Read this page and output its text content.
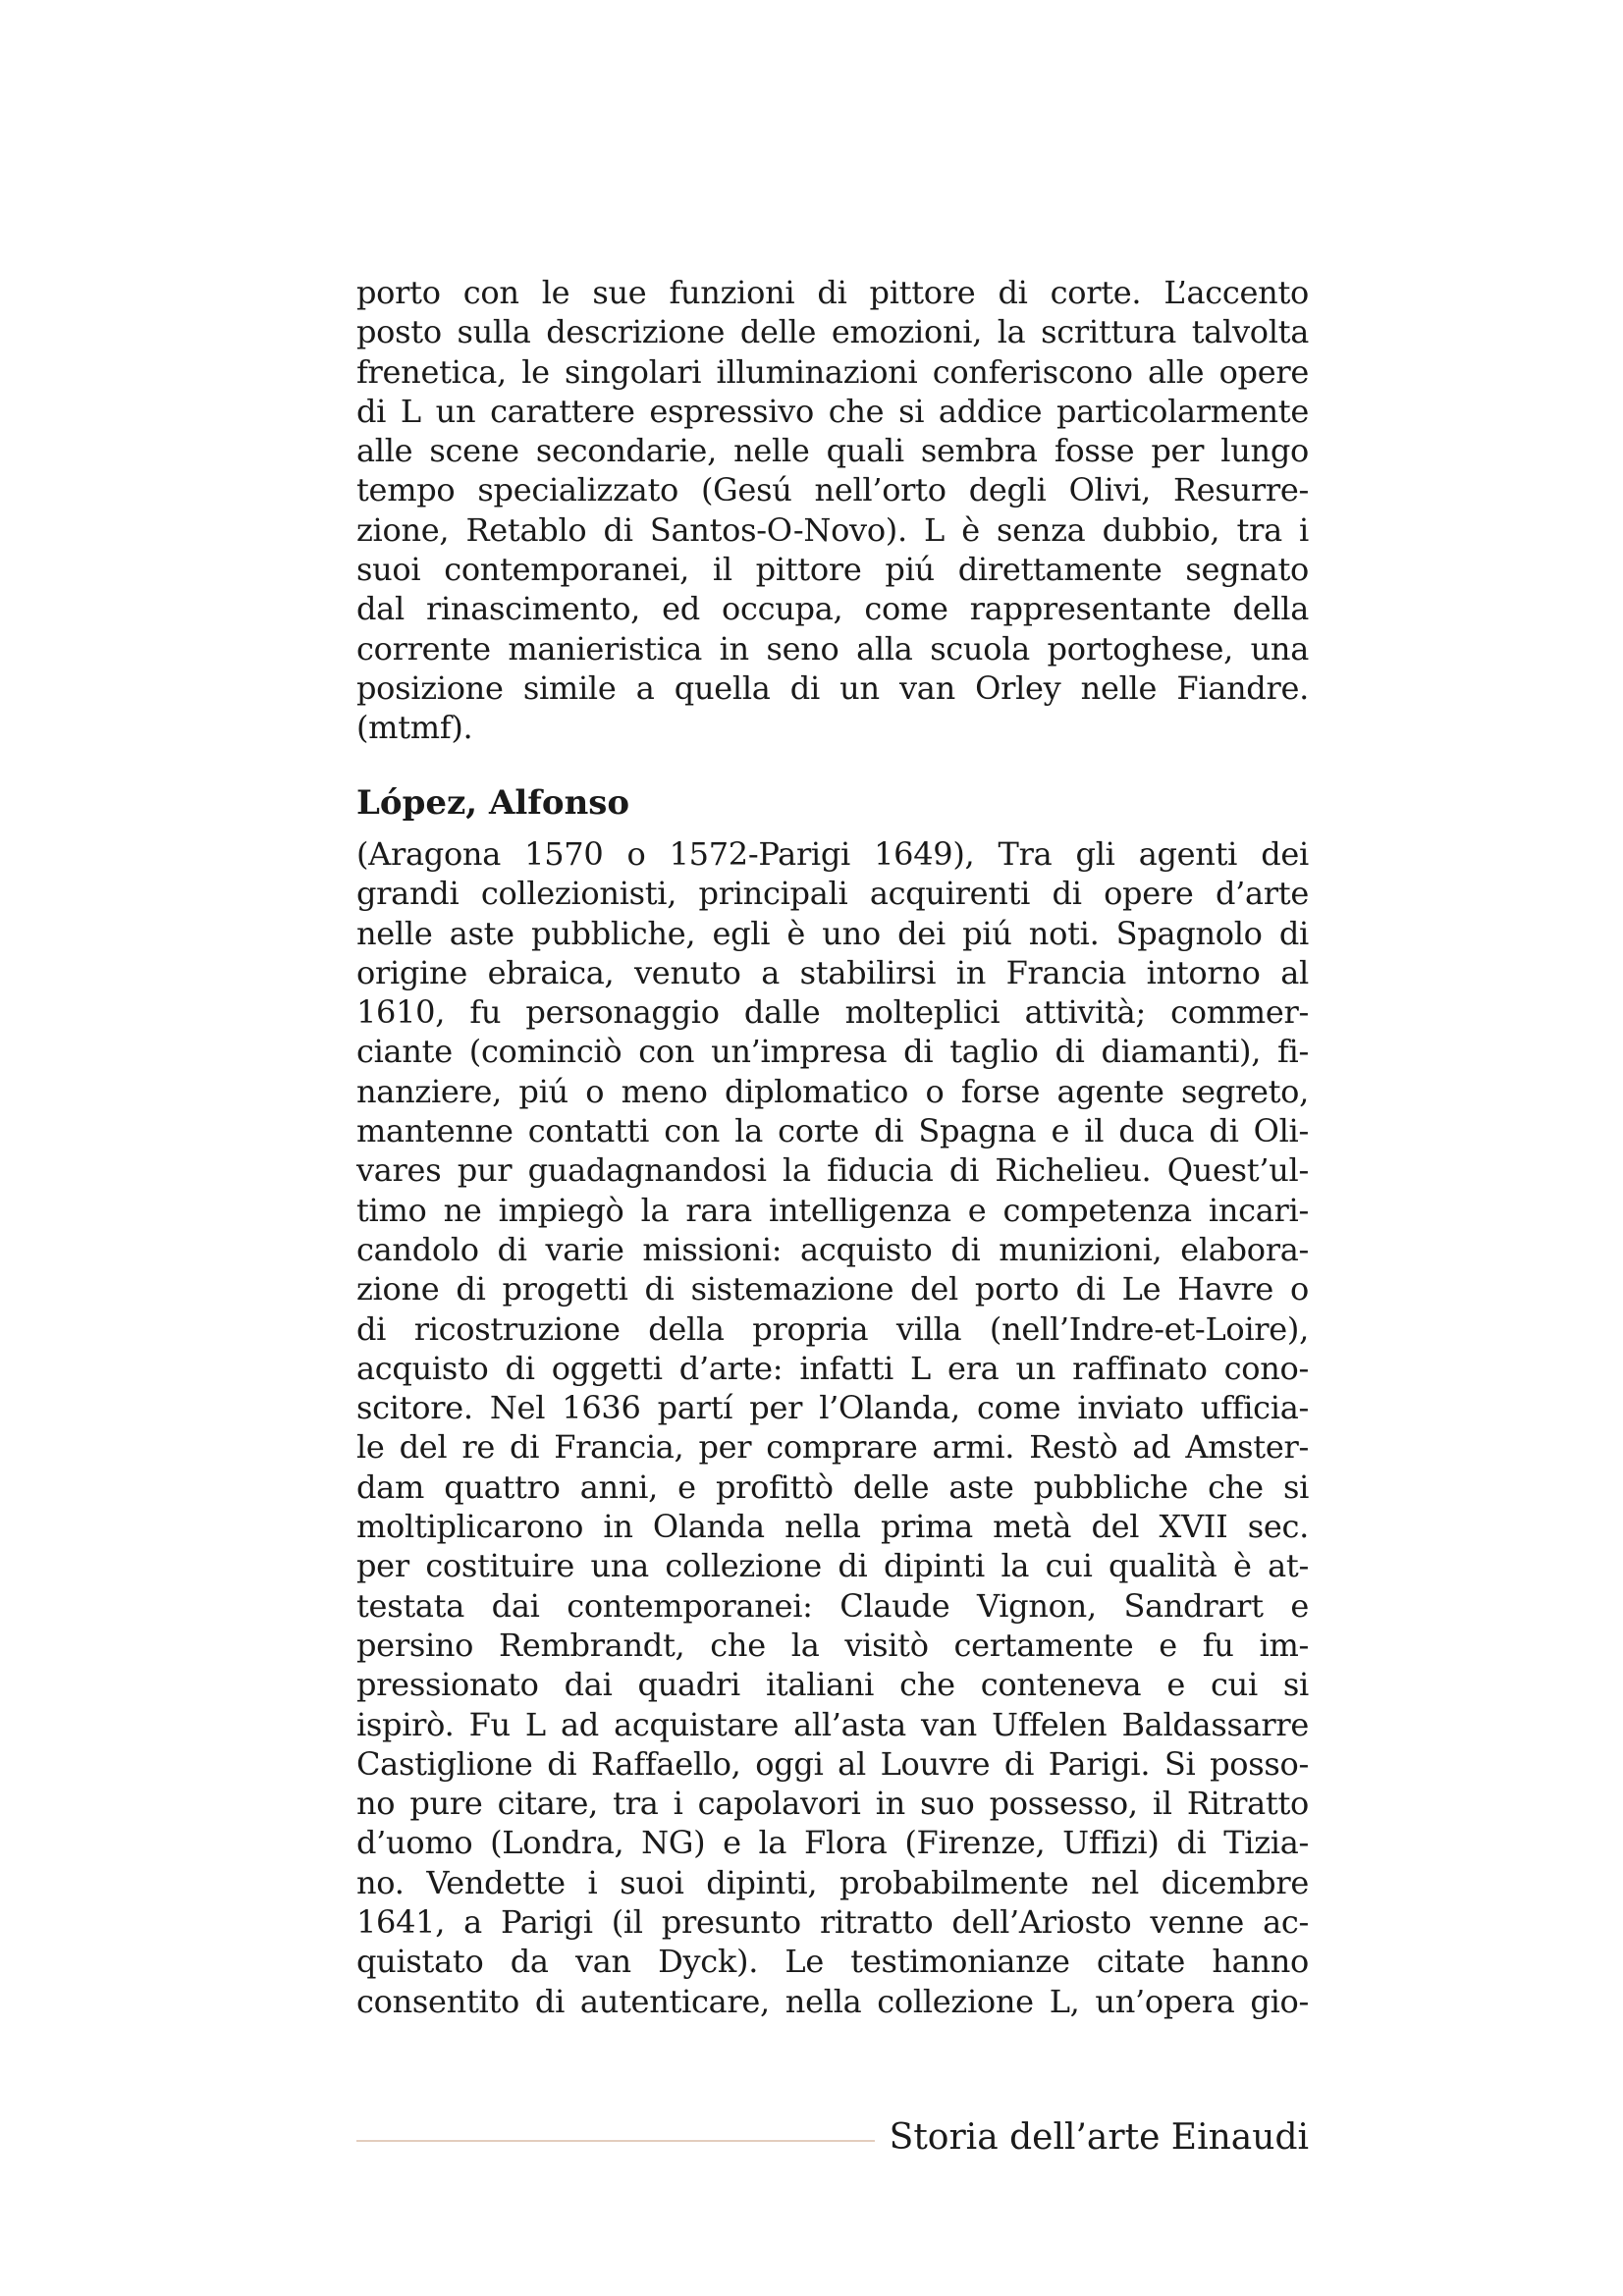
porto con le sue funzioni di pittore di corte. L’accento
posto sulla descrizione delle emozioni, la scrittura talvolta
frenetica, le singolari illuminazioni conferiscono alle opere
di L un carattere espressivo che si addice particolarmente
alle scene secondarie, nelle quali sembra fosse per lungo
tempo specializzato (Gesú nell’orto degli Olivi, Resurre-
zione, Retablo di Santos-O-Novo). L è senza dubbio, tra i
suoi contemporanei, il pittore piú direttamente segnato
dal rinascimento, ed occupa, come rappresentante della
corrente manieristica in seno alla scuola portoghese, una
posizione simile a quella di un van Orley nelle Fiandre.
(mtmf).
López, Alfonso
(Aragona 1570 o 1572-Parigi 1649), Tra gli agenti dei
grandi collezionisti, principali acquirenti di opere d’arte
nelle aste pubbliche, egli è uno dei piú noti. Spagnolo di
origine ebraica, venuto a stabilirsi in Francia intorno al
1610, fu personaggio dalle molteplici attività; commer-
ciante (cominciò con un’impresa di taglio di diamanti), fi-
nanziere, piú o meno diplomatico o forse agente segreto,
mantenne contatti con la corte di Spagna e il duca di Oli-
vares pur guadagnandosi la fiducia di Richelieu. Quest’ul-
timo ne impiegò la rara intelligenza e competenza incari-
candolo di varie missioni: acquisto di munizioni, elabora-
zione di progetti di sistemazione del porto di Le Havre o
di ricostruzione della propria villa (nell’Indre-et-Loire),
acquisto di oggetti d’arte: infatti L era un raffinato cono-
scitore. Nel 1636 partí per l’Olanda, come inviato ufficia-
le del re di Francia, per comprare armi. Restò ad Amster-
dam quattro anni, e profittò delle aste pubbliche che si
moltiplicarono in Olanda nella prima metà del XVII sec.
per costituire una collezione di dipinti la cui qualità è at-
testata dai contemporanei: Claude Vignon, Sandrart e
persino Rembrandt, che la visitò certamente e fu im-
pressionato dai quadri italiani che conteneva e cui si
ispirò. Fu L ad acquistare all’asta van Uffelen Baldassarre
Castiglione di Raffaello, oggi al Louvre di Parigi. Si posso-
no pure citare, tra i capolavori in suo possesso, il Ritratto
d’uomo (Londra, NG) e la Flora (Firenze, Uffizi) di Tizia-
no. Vendette i suoi dipinti, probabilmente nel dicembre
1641, a Parigi (il presunto ritratto dell’Ariosto venne ac-
quistato da van Dyck). Le testimonianze citate hanno
consentito di autenticare, nella collezione L, un’opera gio-
Storia dell’arte Einaudi
